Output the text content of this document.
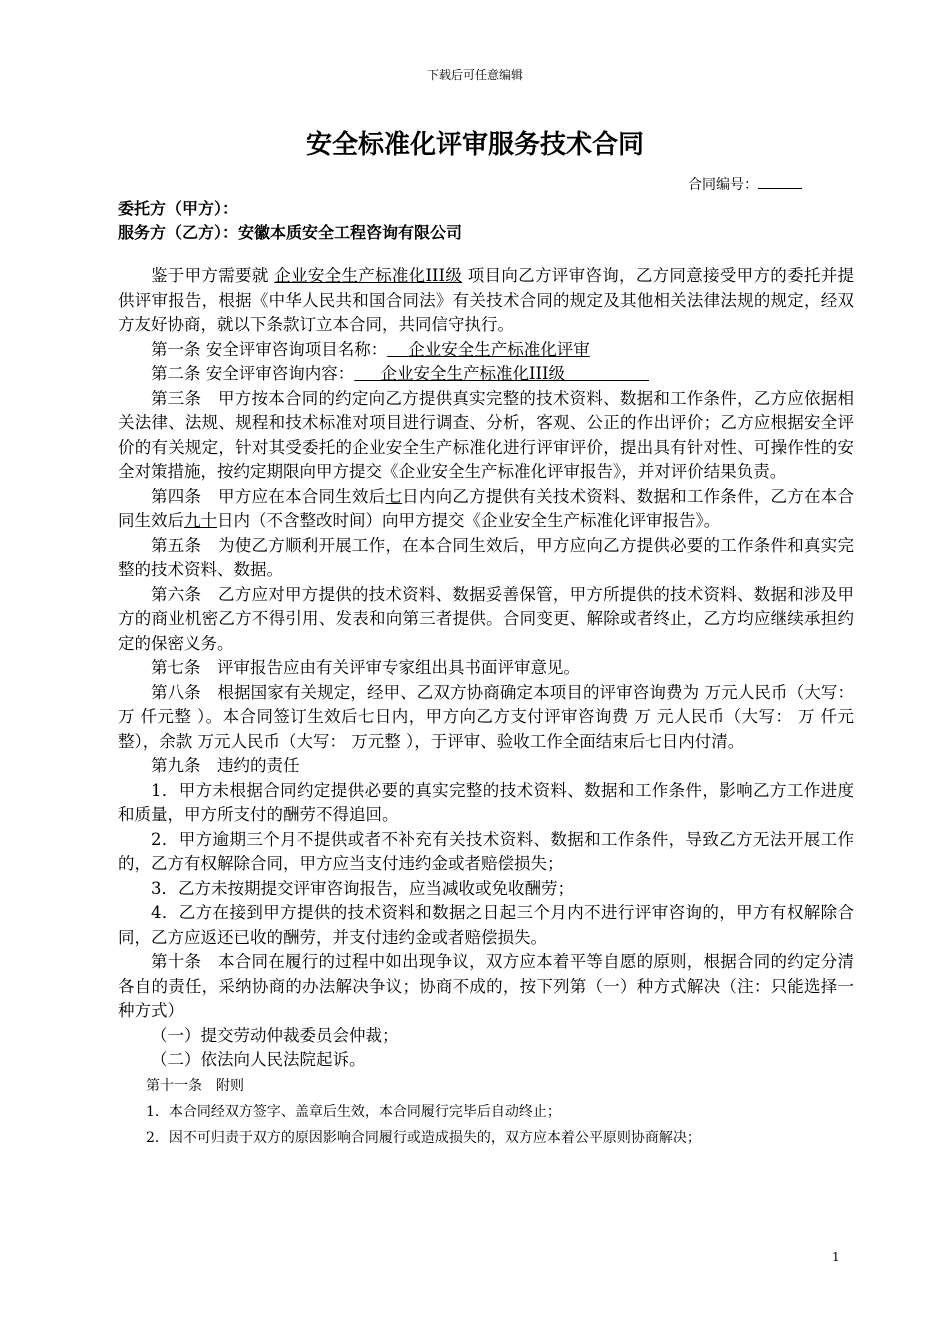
下载后可任意编辑
安全标准化评审服务技术合同
合同编号：
委托方（甲方）：
服务方（乙方）：安徽本质安全工程咨询有限公司

鉴于甲方需要就 企业安全生产标准化III级 项目向乙方评审咨询，乙方同意接受甲方的委托并提供评审报告，根据《中华人民共和国合同法》有关技术合同的规定及其他相关法律法规的规定，经双方友好协商，就以下条款订立本合同，共同信守执行。

第一条 安全评审咨询项目名称： 企业安全生产标准化评审

第二条 安全评审咨询内容： 企业安全生产标准化III级

第三条　甲方按本合同的约定向乙方提供真实完整的技术资料、数据和工作条件，乙方应依据相关法律、法规、规程和技术标准对项目进行调查、分析，客观、公正的作出评价；乙方应根据安全评价的有关规定，针对其受委托的企业安全生产标准化进行评审评价，提出具有针对性、可操作性的安全对策措施，按约定期限向甲方提交《企业安全生产标准化评审报告》，并对评价结果负责。

第四条　甲方应在本合同生效后七日内向乙方提供有关技术资料、数据和工作条件，乙方在本合同生效后九十日内（不含整改时间）向甲方提交《企业安全生产标准化评审报告》。

第五条　为使乙方顺利开展工作，在本合同生效后，甲方应向乙方提供必要的工作条件和真实完整的技术资料、数据。

第六条　乙方应对甲方提供的技术资料、数据妥善保管，甲方所提供的技术资料、数据和涉及甲方的商业机密乙方不得引用、发表和向第三者提供。合同变更、解除或者终止，乙方均应继续承担约定的保密义务。

第七条　评审报告应由有关评审专家组出具书面评审意见。

第八条　根据国家有关规定，经甲、乙双方协商确定本项目的评审咨询费为 万元人民币（大写： 万 仟元整 ）。本合同签订生效后七日内，甲方向乙方支付评审咨询费 万 元人民币（大写： 万 仟元整），余款 万元人民币（大写： 万元整 ），于评审、验收工作全面结束后七日内付清。

第九条　违约的责任

1．甲方未根据合同约定提供必要的真实完整的技术资料、数据和工作条件，影响乙方工作进度和质量，甲方所支付的酬劳不得追回。

2．甲方逾期三个月不提供或者不补充有关技术资料、数据和工作条件，导致乙方无法开展工作的，乙方有权解除合同，甲方应当支付违约金或者赔偿损失；

3．乙方未按期提交评审咨询报告，应当减收或免收酬劳；

4．乙方在接到甲方提供的技术资料和数据之日起三个月内不进行评审咨询的，甲方有权解除合同，乙方应返还已收的酬劳，并支付违约金或者赔偿损失。

第十条　本合同在履行的过程中如出现争议，双方应本着平等自愿的原则，根据合同的约定分清各自的责任，采纳协商的办法解决争议；协商不成的，按下列第（一）种方式解决（注：只能选择一种方式）

（一）提交劳动仲裁委员会仲裁；

（二）依法向人民法院起诉。

第十一条　附则

1．本合同经双方签字、盖章后生效，本合同履行完毕后自动终止；

2．因不可归责于双方的原因影响合同履行或造成损失的，双方应本着公平原则协商解决；

1
